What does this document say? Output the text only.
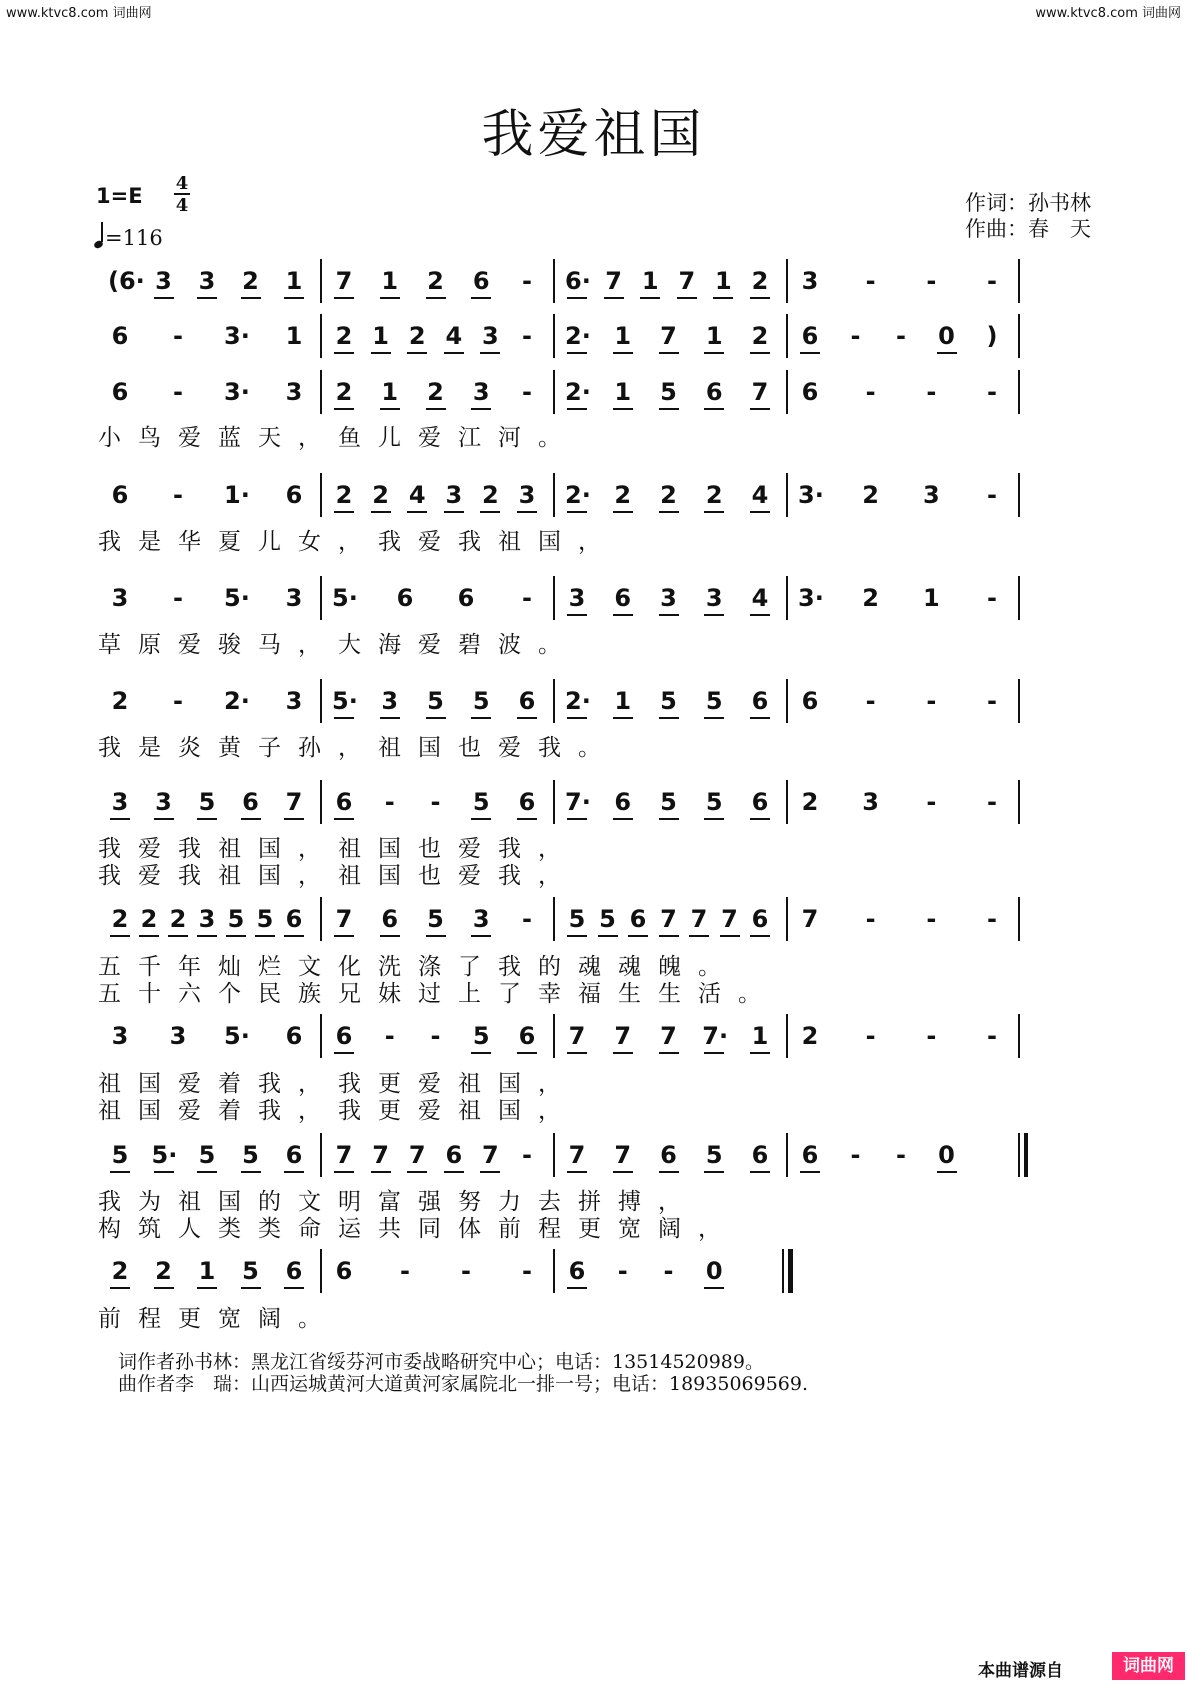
www.ktvc8.com 词曲网	www.ktvc8.com 词曲网
我爱祖国
1=E
4
4
=116
作词：孙书林
作曲：春　天
(6· 3 3 2 1 7 1 2 6 - 6· 7 1 7 1 2 3 - - -
6 - 3· 1 2 1 2 4 3 - 2· 1 7 1 2 6 - - 0 )
6 - 3· 3 2 1 2 3 - 2· 1 5 6 7 6 - - -
6 - 1· 6 2 2 4 3 2 3 2· 2 2 2 4 3· 2 3 -
3 - 5· 3 5· 6 6 - 3 6 3 3 4 3· 2 1 -
2 - 2· 3 5· 3 5 5 6 2· 1 5 5 6 6 - - -
3 3 5 6 7 6 - - 5 6 7· 6 5 5 6 2 3 - -
2 2 2 3 5 5 6 7 6 5 3 - 5 5 6 7 7 7 6 7 - - -
3 3 5· 6 6 - - 5 6 7 7 7 7· 1 2 - - -
5 5· 5 5 6 7 7 7 6 7 - 7 7 6 5 6 6 - - 0
2 2 1 5 6 6 - - - 6 - - 0
小鸟爱蓝天，鱼儿爱江河。
我是华夏儿女，我爱我祖国，
草原爱骏马，大海爱碧波。
我是炎黄子孙，祖国也爱我。
我爱我祖国，祖国也爱我，
我爱我祖国，祖国也爱我，
五千年灿烂文化洗涤了我的魂魂魄。
五十六个民族兄妹过上了幸福生生活。
祖国爱着我，我更爱祖国，
祖国爱着我，我更爱祖国，
我为祖国的文明富强努力去拼搏，
构筑人类类命运共同体前程更宽阔，
前程更宽阔。
词作者孙书林：黑龙江省绥芬河市委战略研究中心；电话：13514520989。
曲作者李　瑞：山西运城黄河大道黄河家属院北一排一号；电话：18935069569.
本曲谱源自	词曲网
